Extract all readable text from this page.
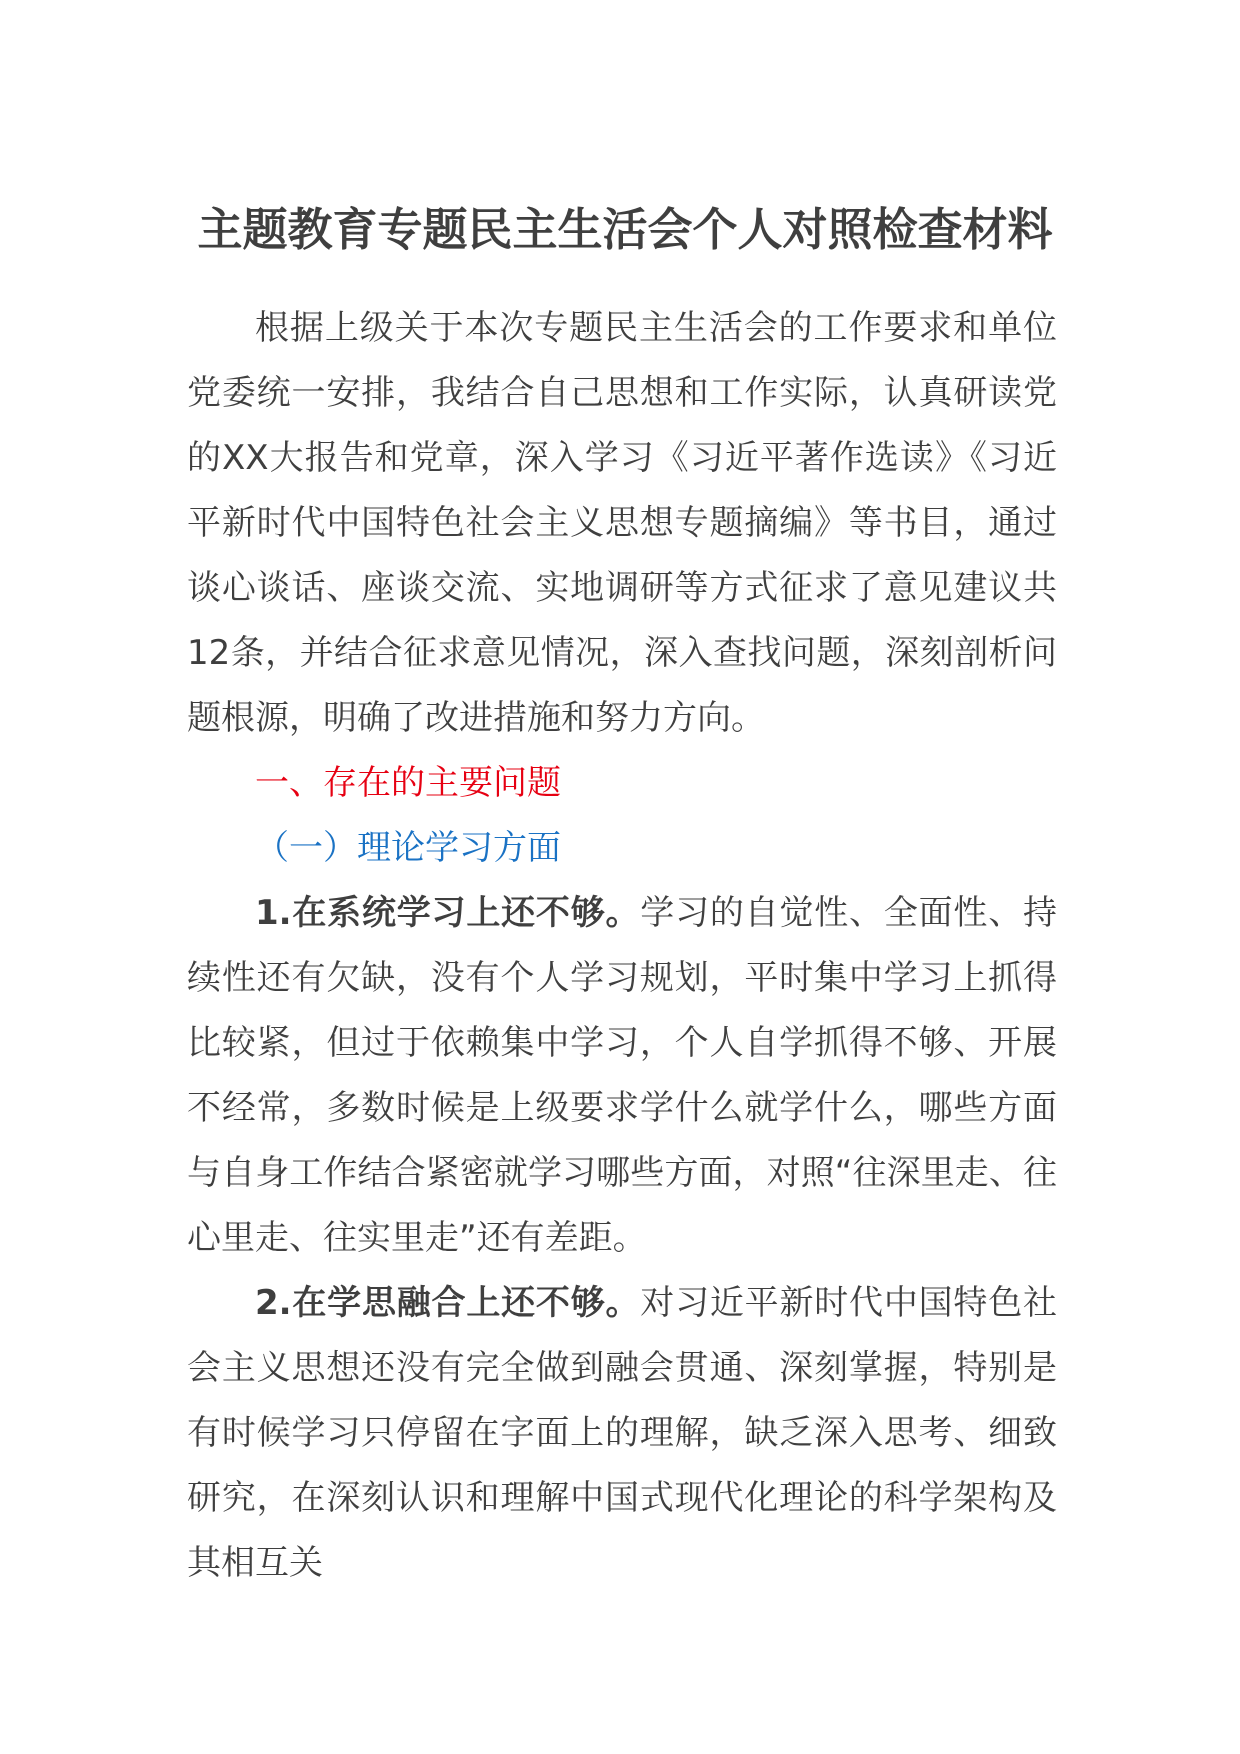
主题教育专题民主生活会个人对照检查材料

根据上级关于本次专题民主生活会的工作要求和单位党委统一安排，我结合自己思想和工作实际，认真研读党的XX大报告和党章，深入学习《习近平著作选读》《习近平新时代中国特色社会主义思想专题摘编》等书目，通过谈心谈话、座谈交流、实地调研等方式征求了意见建议共12条，并结合征求意见情况，深入查找问题，深刻剖析问题根源，明确了改进措施和努力方向。

一、存在的主要问题

（一）理论学习方面

1.在系统学习上还不够。学习的自觉性、全面性、持续性还有欠缺，没有个人学习规划，平时集中学习上抓得比较紧，但过于依赖集中学习，个人自学抓得不够、开展不经常，多数时候是上级要求学什么就学什么，哪些方面与自身工作结合紧密就学习哪些方面，对照“往深里走、往心里走、往实里走”还有差距。

2.在学思融合上还不够。对习近平新时代中国特色社会主义思想还没有完全做到融会贯通、深刻掌握，特别是有时候学习只停留在字面上的理解，缺乏深入思考、细致研究，在深刻认识和理解中国式现代化理论的科学架构及其相互关
